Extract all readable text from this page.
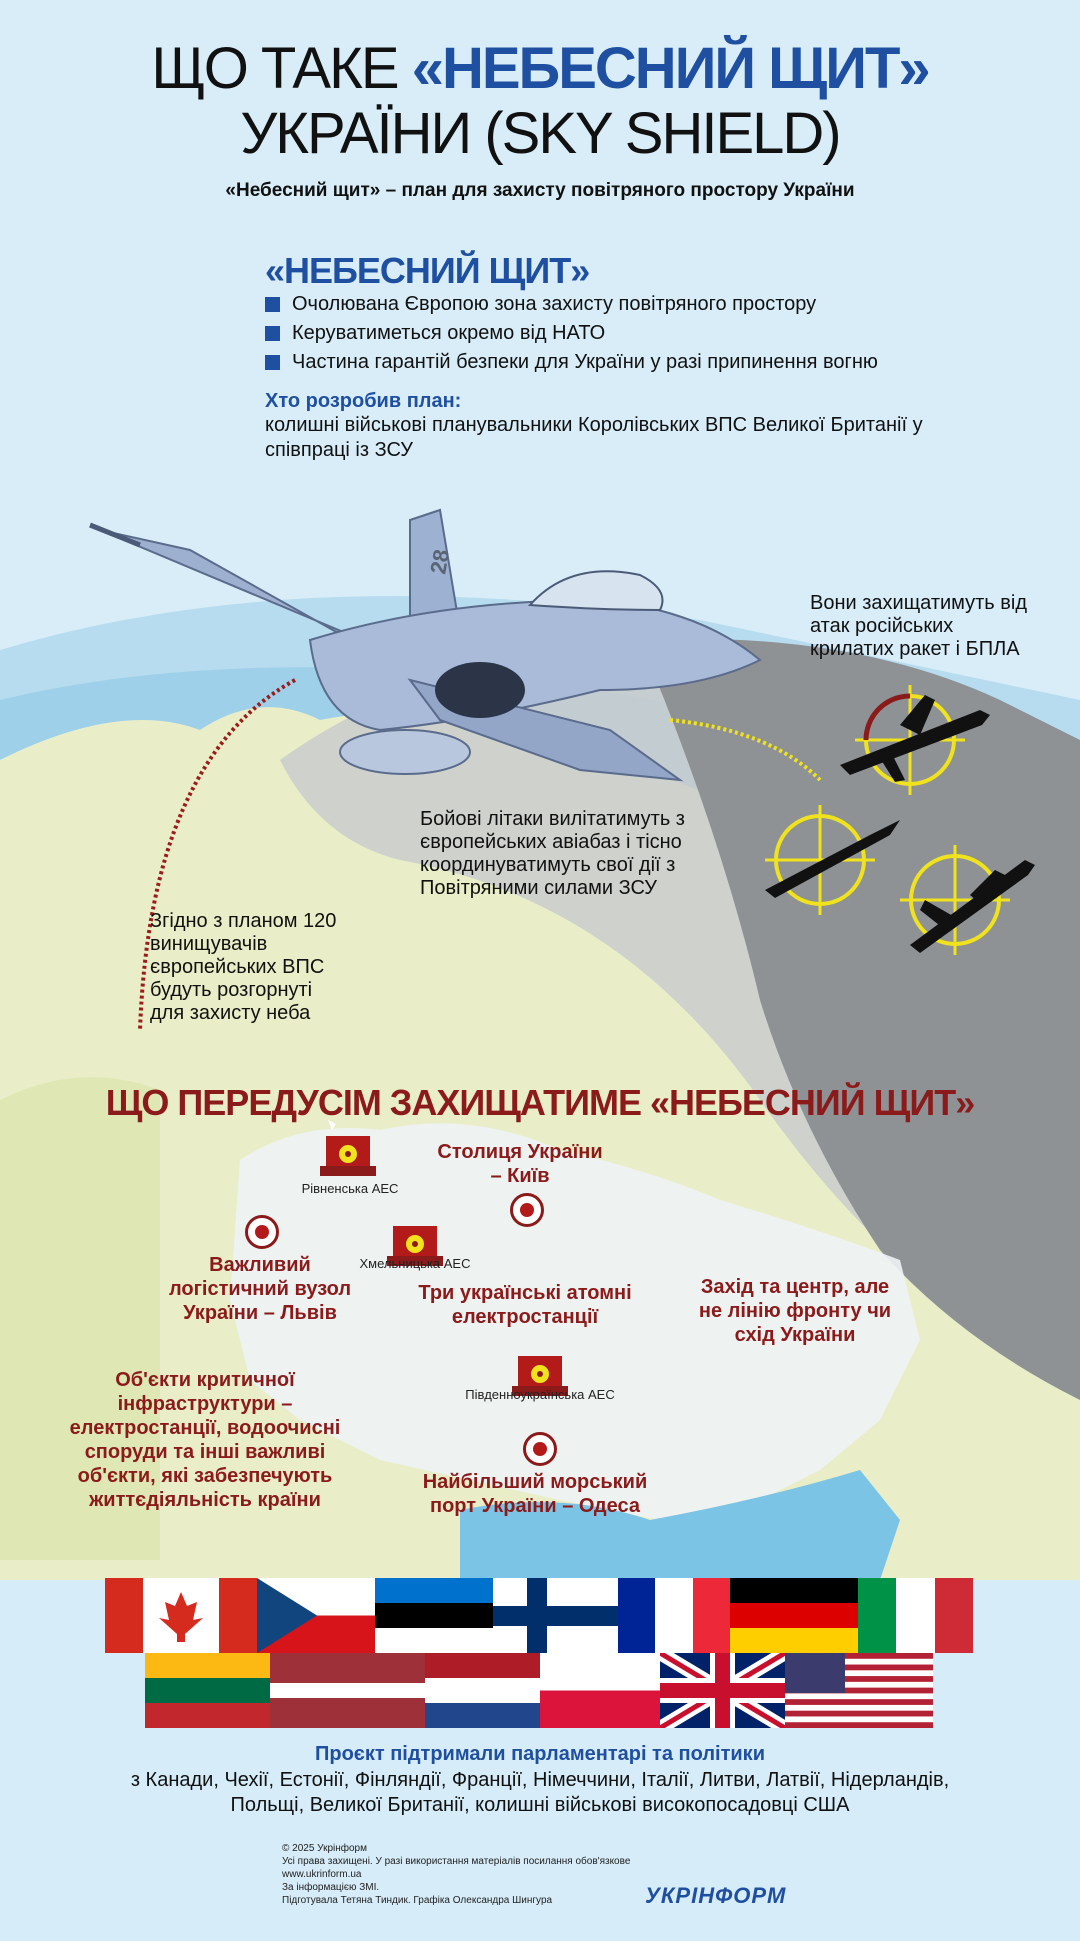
ЩО ТАКЕ «НЕБЕСНИЙ ЩИТ»
УКРАЇНИ (SKY SHIELD)
«Небесний щит» – план для захисту повітряного простору України
«НЕБЕСНИЙ ЩИТ»
Очолювана Європою зона захисту повітряного простору
Керуватиметься окремо від НАТО
Частина гарантій безпеки для України у разі припинення вогню
Хто розробив план:
колишні військові планувальники Королівських ВПС Великої Британії у співпраці із ЗСУ
28
Вони захищатимуть від атак російських крилатих ракет і БПЛА
Бойові літаки вилітатимуть з європейських авіабаз і тісно координуватимуть свої дії з Повітряними силами ЗСУ
Згідно з планом 120 винищувачів європейських ВПС будуть розгорнуті для захисту неба
ЩО ПЕРЕДУСІМ ЗАХИЩАТИМЕ «НЕБЕСНИЙ ЩИТ»
Рівненська АЕС
Хмельницька АЕС
Південноукраїнська АЕС
Столиця України – Київ
Важливий логістичний вузол України – Львів
Три українські атомні електростанції
Захід та центр, але не лінію фронту чи схід України
Об'єкти критичної інфраструктури – електростанції, водоочисні споруди та інші важливі об'єкти, які забезпечують життєдіяльність країни
Найбільший морський порт України – Одеса
Проєкт підтримали парламентарі та політики
з Канади, Чехії, Естонії, Фінляндії, Франції, Німеччини, Італії, Литви, Латвії, Нідерландів, Польщі, Великої Британії, колишні військові високопосадовці США
© 2025 Укрінформ
Усі права захищені. У разі використання матеріалів посилання обов'язкове
www.ukrinform.ua
За інформацією ЗМІ.
Підготувала Тетяна Тиндик. Графіка Олександра Шингура	УКРІНФОРМ
